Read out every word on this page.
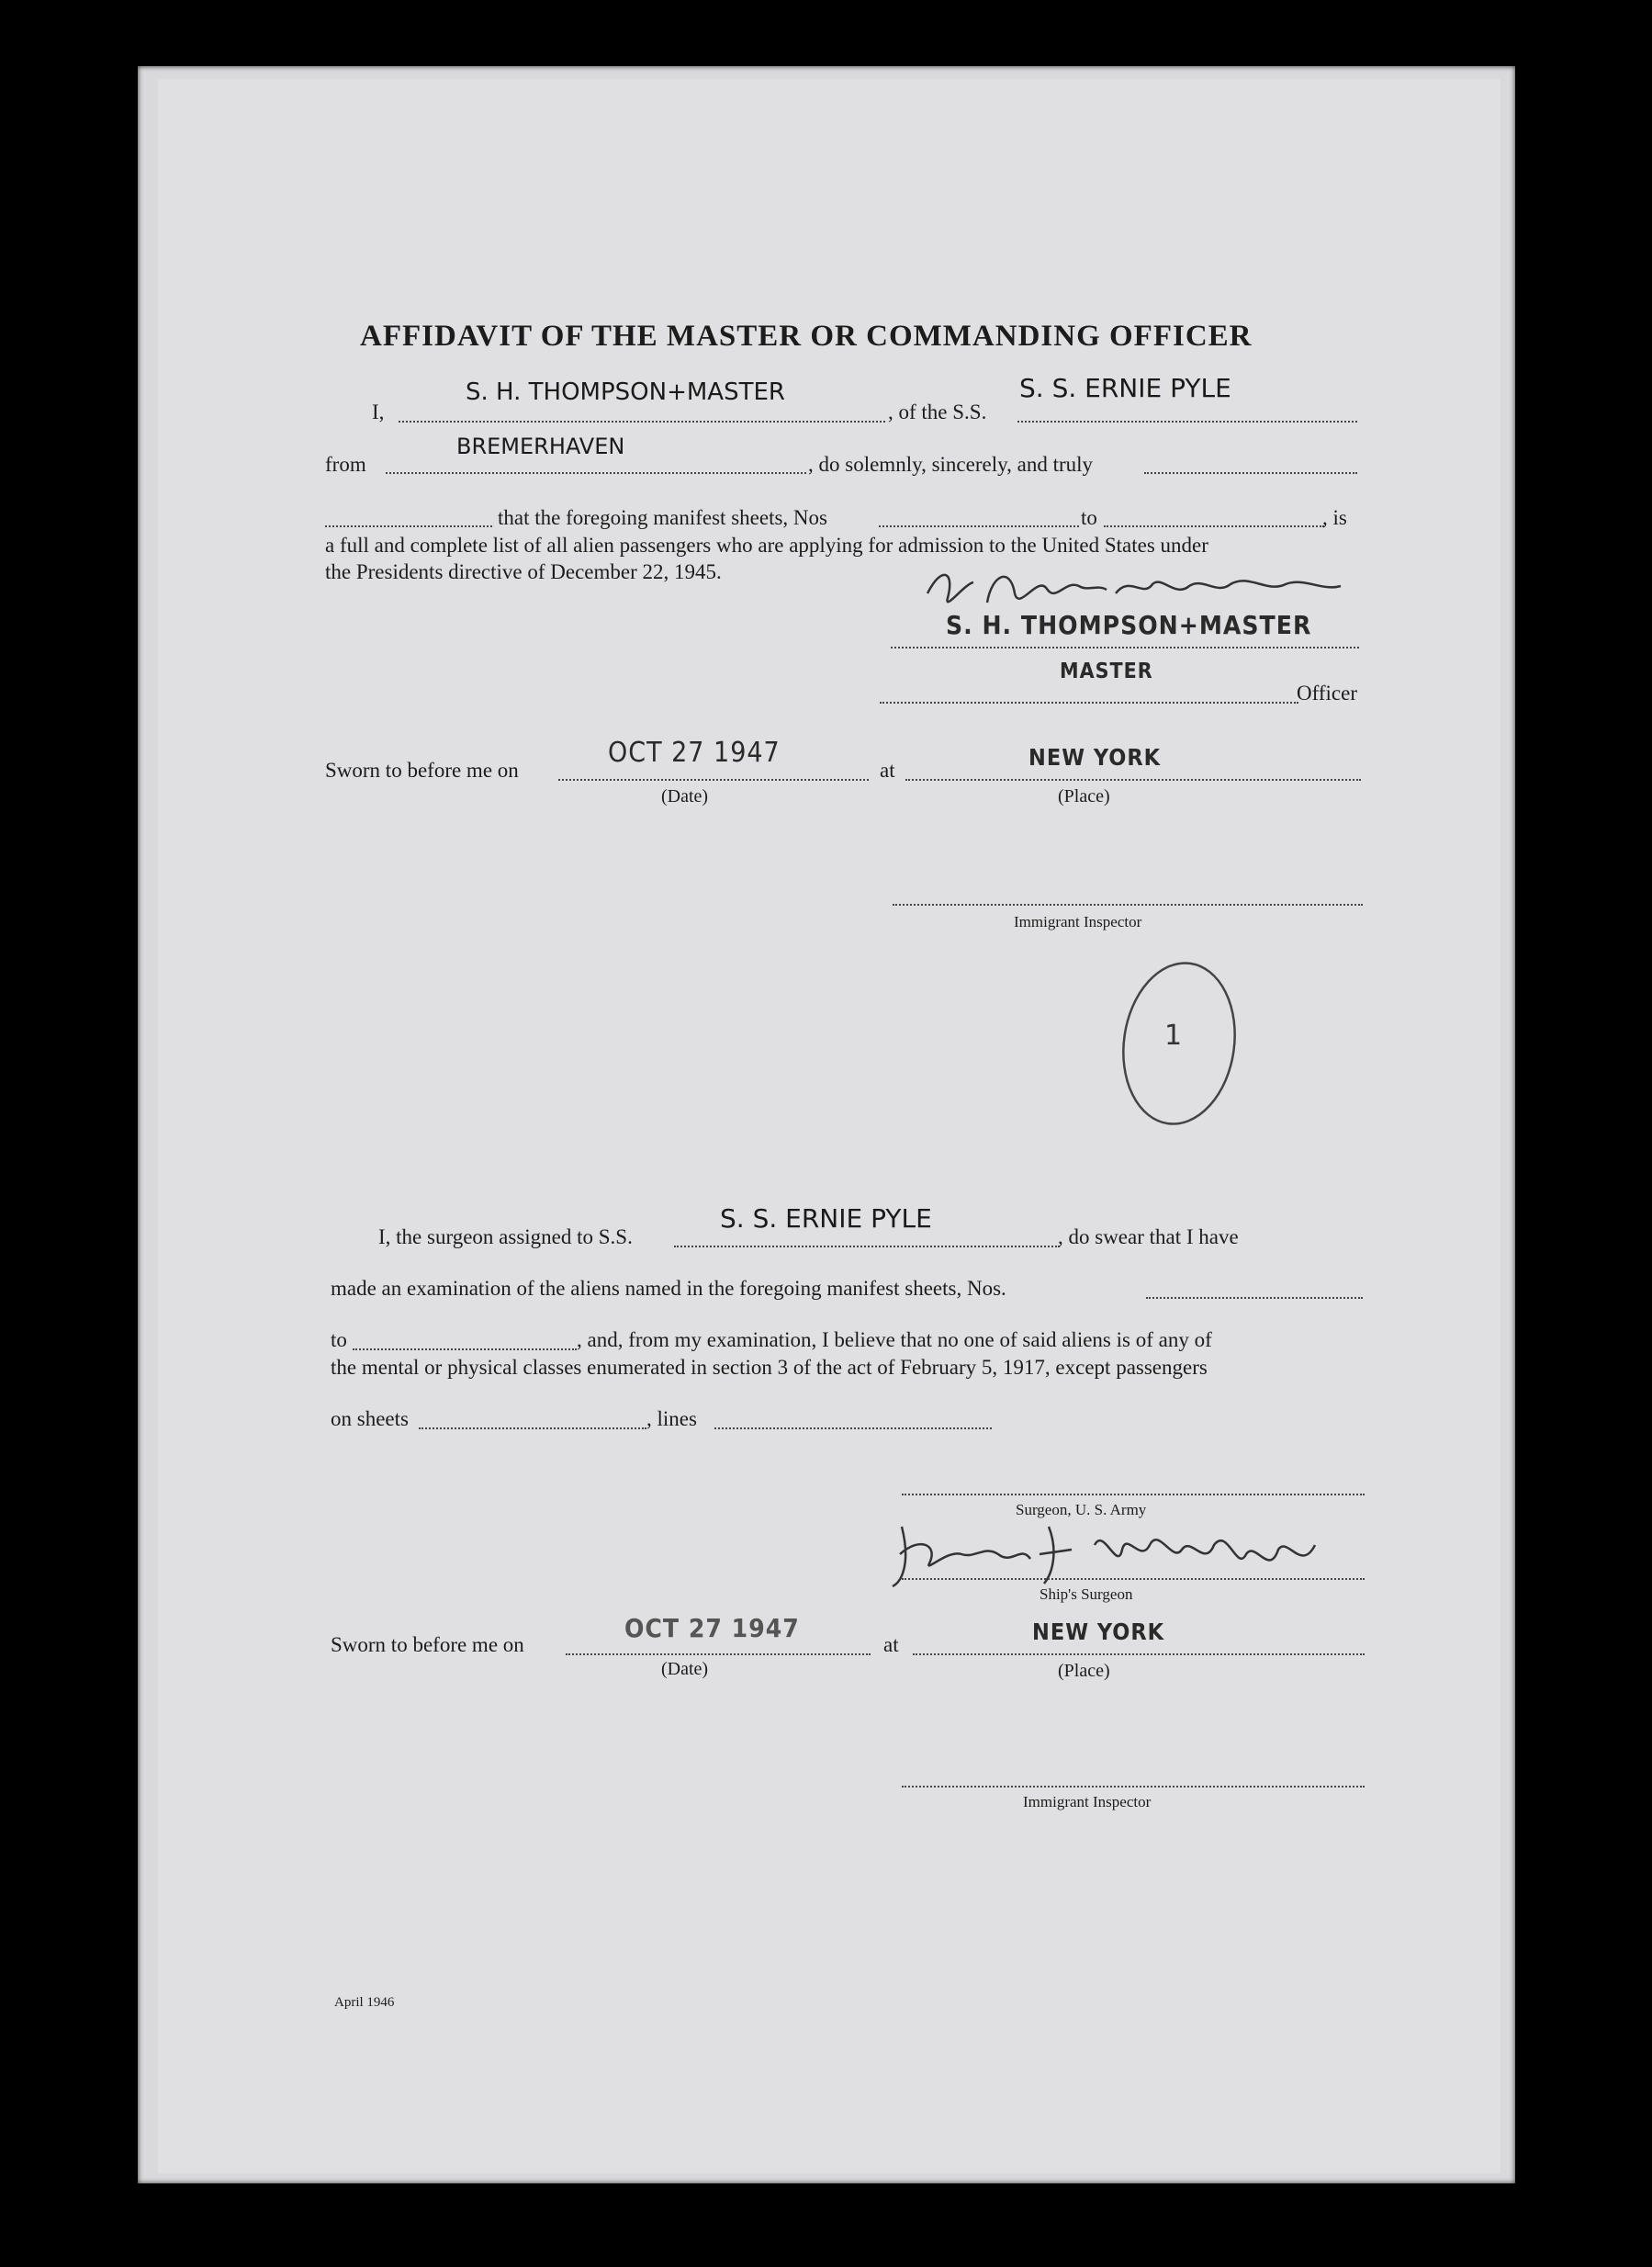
AFFIDAVIT OF THE MASTER OR COMMANDING OFFICER
I,
S. H. THOMPSON+MASTER
, of the S.S.
S. S. ERNIE PYLE
from
BREMERHAVEN
, do solemnly, sincerely, and truly
that the foregoing manifest sheets, Nos	to	, is
a full and complete list of all alien passengers who are applying for admission to the United States under
the Presidents directive of December 22, 1945.
S. H. THOMPSON+MASTER
MASTER
Officer
Sworn to before me on
OCT 27 1947
(Date)
at	NEW YORK
(Place)
Immigrant Inspector
1
I, the surgeon assigned to S.S.
S. S. ERNIE PYLE
, do swear that I have
made an examination of the aliens named in the foregoing manifest sheets, Nos.
to	, and, from my examination, I believe that no one of said aliens is of any of
the mental or physical classes enumerated in section 3 of the act of February 5, 1917, except passengers
on sheets	, lines
Surgeon, U. S. Army
Ship's Surgeon
Sworn to before me on
OCT 27 1947
(Date)
at	NEW YORK
(Place)
Immigrant Inspector
April 1946
